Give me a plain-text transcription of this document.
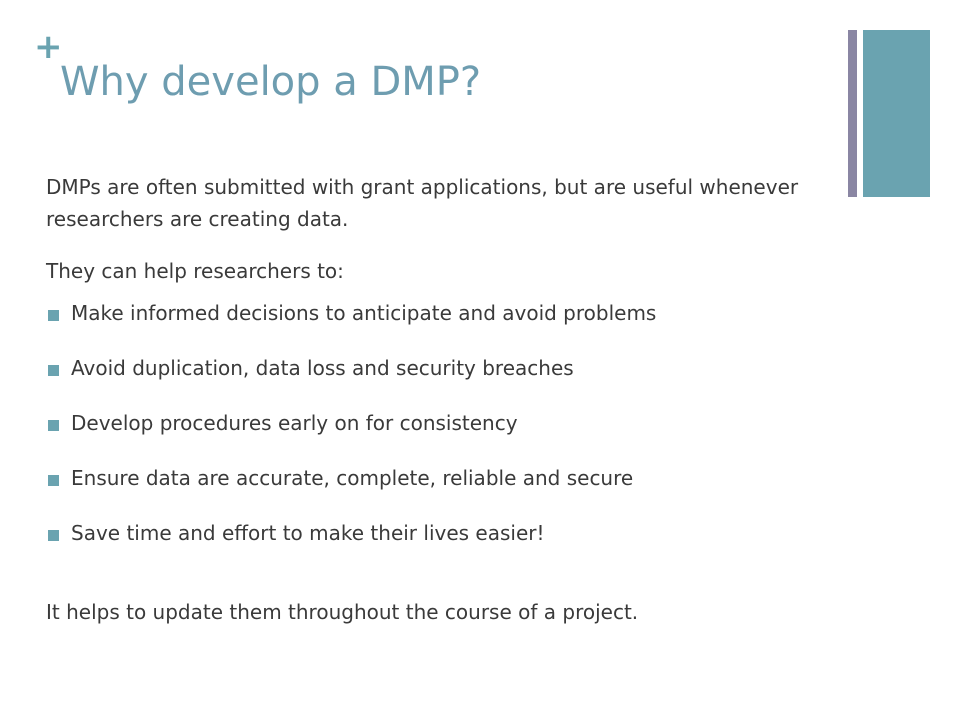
+
Why develop a DMP?

DMPs are often submitted with grant applications, but are useful whenever researchers are creating data.

They can help researchers to:

Make informed decisions to anticipate and avoid problems
Avoid duplication, data loss and security breaches
Develop procedures early on for consistency
Ensure data are accurate, complete, reliable and secure
Save time and effort to make their lives easier!

It helps to update them throughout the course of a project.
